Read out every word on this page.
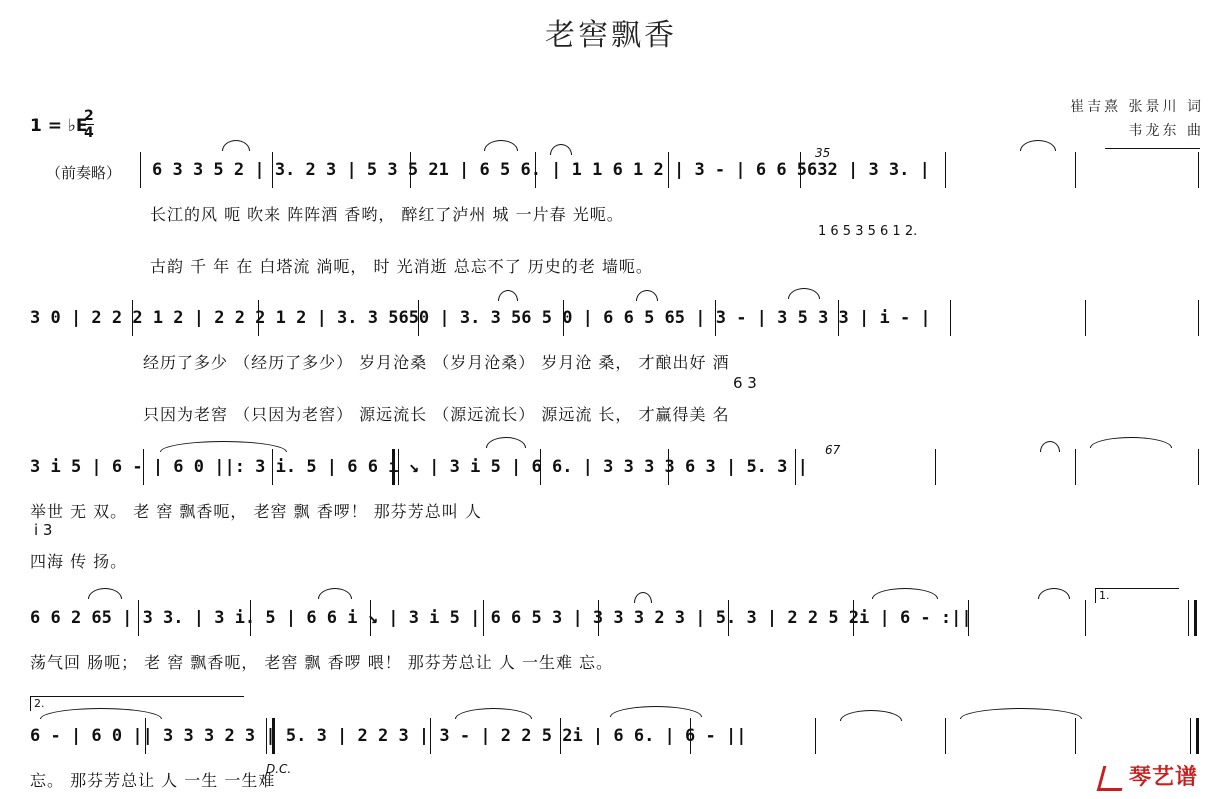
老窖飘香
崔吉熹 张景川 词
韦龙东 曲
1 = ♭E
2
4
（前奏略） 6 3 3 5 2 | 3. 2 3 | 5 3 5 21 | 6 5 6. | 1 1 6 1 2 | 3 - | 6 6 5632 | 3 3. |
35
长江的风 呃 吹来 阵阵酒 香哟， 醉红了泸州 城 一片春 光呃。
1 6 5 3 5 6 1 2.
古韵 千 年 在 白塔流 淌呃， 时 光消逝 总忘不了 历史的老 墙呃。
3 0 | 2 2 2 1 2 | 2 2 2 1 2 | 3. 3 5650 | 3. 3 56 5 0 | 6 6 5 65 | 3 - | 3 5 3 3 | i - |
经历了多少 （经历了多少） 岁月沧桑 （岁月沧桑） 岁月沧 桑， 才酿出好 酒
6 3
只因为老窖 （只因为老窖） 源远流长 （源远流长） 源远流 长， 才赢得美 名
3 i 5 | 6 - | 6 0 ||: 3 i. 5 | 6 6 i ↘ | 3 i 5 | 6 6. | 3 3 3 3 6 3 | 5. 3 |
67
举世 无 双。 老 窖 飘香呃， 老窖 飘 香啰！ 那芬芳总叫 人
i 3
四海 传 扬。
6 6 2 65 | 3 3. | 3 i. 5 | 6 6 i ↘ | 3 i 5 | 6 6 5 3 | 3 3 3 2 3 | 5. 3 | 2 2 5 2i | 6 - :||
1.
荡气回 肠呃； 老 窖 飘香呃， 老窖 飘 香啰 喂！ 那芬芳总让 人 一生难 忘。
2.
6 - | 6 0 || 3 3 3 2 3 | 5. 3 | 2 2 3 | 3 - | 2 2 5 2i | 6 6. | 6 - ||
D.C.
忘。 那芬芳总让 人 一生 一生难	琴艺谱
